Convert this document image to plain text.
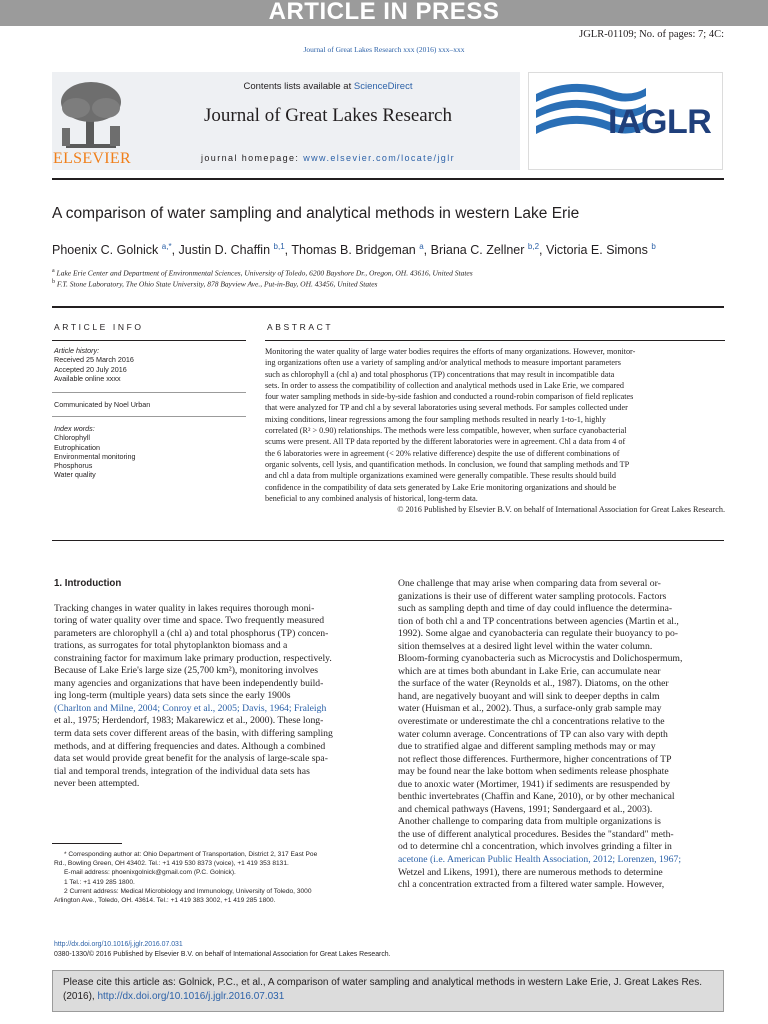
ARTICLE IN PRESS
JGLR-01109; No. of pages: 7; 4C:
Journal of Great Lakes Research xxx (2016) xxx–xxx
ELSEVIER
Contents lists available at ScienceDirect
Journal of Great Lakes Research
journal homepage: www.elsevier.com/locate/jglr
IAGLR
A comparison of water sampling and analytical methods in western Lake Erie
Phoenix C. Golnick $^{a,*}$, Justin D. Chaffin $^{b,1}$, Thomas B. Bridgeman $^a$, Briana C. Zellner $^{b,2}$, Victoria E. Simons $^b$
$^a$ Lake Erie Center and Department of Environmental Sciences, University of Toledo, 6200 Bayshore Dr., Oregon, OH. 43616, United States
$^b$ F.T. Stone Laboratory, The Ohio State University, 878 Bayview Ave., Put-in-Bay, OH. 43456, United States
ARTICLE INFO
Article history:
Received 25 March 2016
Accepted 20 July 2016
Available online xxxx
Communicated by Noel Urban
Index words:
Chlorophyll
Eutrophication
Environmental monitoring
Phosphorus
Water quality
ABSTRACT
Monitoring the water quality of large water bodies requires the efforts of many organizations. However, monitor-
ing organizations often use a variety of sampling and/or analytical methods to measure important parameters
such as chlorophyll a (chl a) and total phosphorus (TP) concentrations that may result in incompatible data
sets. In order to assess the compatibility of collection and analytical methods used in Lake Erie, we compared
four water sampling methods in side-by-side fashion and conducted a round-robin comparison of field replicates
that were analyzed for TP and chl a by several laboratories using several methods. For samples collected under
mixing conditions, linear regressions among the four sampling methods resulted in nearly 1-to-1, highly
correlated (R² > 0.90) relationships. The methods were less compatible, however, when surface cyanobacterial
scums were present. All TP data reported by the different laboratories were in agreement. Chl a data from 4 of
the 6 laboratories were in agreement (< 20% relative difference) despite the use of different combinations of
organic solvents, cell lysis, and quantification methods. In conclusion, we found that sampling methods and TP
and chl a data from multiple organizations examined were generally compatible. These results should build
confidence in the compatibility of data sets generated by Lake Erie monitoring organizations and should be
beneficial to any combined analysis of historical, long-term data.
© 2016 Published by Elsevier B.V. on behalf of International Association for Great Lakes Research.
1. Introduction
Tracking changes in water quality in lakes requires thorough moni-
toring of water quality over time and space. Two frequently measured
parameters are chlorophyll a (chl a) and total phosphorus (TP) concen-
trations, as surrogates for total phytoplankton biomass and a
constraining factor for maximum lake primary production, respectively.
Because of Lake Erie's large size (25,700 km²), monitoring involves
many agencies and organizations that have been independently build-
ing long-term (multiple years) data sets since the early 1900s
(Charlton and Milne, 2004; Conroy et al., 2005; Davis, 1964; Fraleigh
et al., 1975; Herdendorf, 1983; Makarewicz et al., 2000). These long-
term data sets cover different areas of the basin, with differing sampling
methods, and at differing frequencies and dates. Although a combined
data set would provide great benefit for the analysis of large-scale spa-
tial and temporal trends, integration of the individual data sets has
never been attempted.
One challenge that may arise when comparing data from several or-
ganizations is their use of different water sampling protocols. Factors
such as sampling depth and time of day could influence the determina-
tion of both chl a and TP concentrations between agencies (Martin et al.,
1992). Some algae and cyanobacteria can regulate their buoyancy to po-
sition themselves at a desired light level within the water column.
Bloom-forming cyanobacteria such as Microcystis and Dolichospermum,
which are at times both abundant in Lake Erie, can accumulate near
the surface of the water (Reynolds et al., 1987). Diatoms, on the other
hand, are negatively buoyant and will sink to deeper depths in calm
water (Huisman et al., 2002). Thus, a surface-only grab sample may
overestimate or underestimate the chl a concentrations relative to the
water column average. Concentrations of TP can also vary with depth
due to stratified algae and different sampling methods may or may
not reflect those differences. Furthermore, higher concentrations of TP
may be found near the lake bottom when sediments release phosphate
due to anoxic water (Mortimer, 1941) if sediments are resuspended by
benthic invertebrates (Chaffin and Kane, 2010), or by other mechanical
and chemical pathways (Havens, 1991; Søndergaard et al., 2003).
Another challenge to comparing data from multiple organizations is
the use of different analytical procedures. Besides the "standard" meth-
od to determine chl a concentration, which involves grinding a filter in
acetone (i.e. American Public Health Association, 2012; Lorenzen, 1967;
Wetzel and Likens, 1991), there are numerous methods to determine
chl a concentration extracted from a filtered water sample. However,
* Corresponding author at: Ohio Department of Transportation, District 2, 317 East Poe
Rd., Bowling Green, OH 43402. Tel.: +1 419 530 8373 (voice), +1 419 353 8131.
E-mail address: phoenixgolnick@gmail.com (P.C. Golnick).
1 Tel.: +1 419 285 1800.
2 Current address: Medical Microbiology and Immunology, University of Toledo, 3000
Arlington Ave., Toledo, OH. 43614. Tel.: +1 419 383 3002, +1 419 285 1800.
http://dx.doi.org/10.1016/j.jglr.2016.07.031
0380-1330/© 2016 Published by Elsevier B.V. on behalf of International Association for Great Lakes Research.
Please cite this article as: Golnick, P.C., et al., A comparison of water sampling and analytical methods in western Lake Erie, J. Great Lakes Res.
(2016), http://dx.doi.org/10.1016/j.jglr.2016.07.031
